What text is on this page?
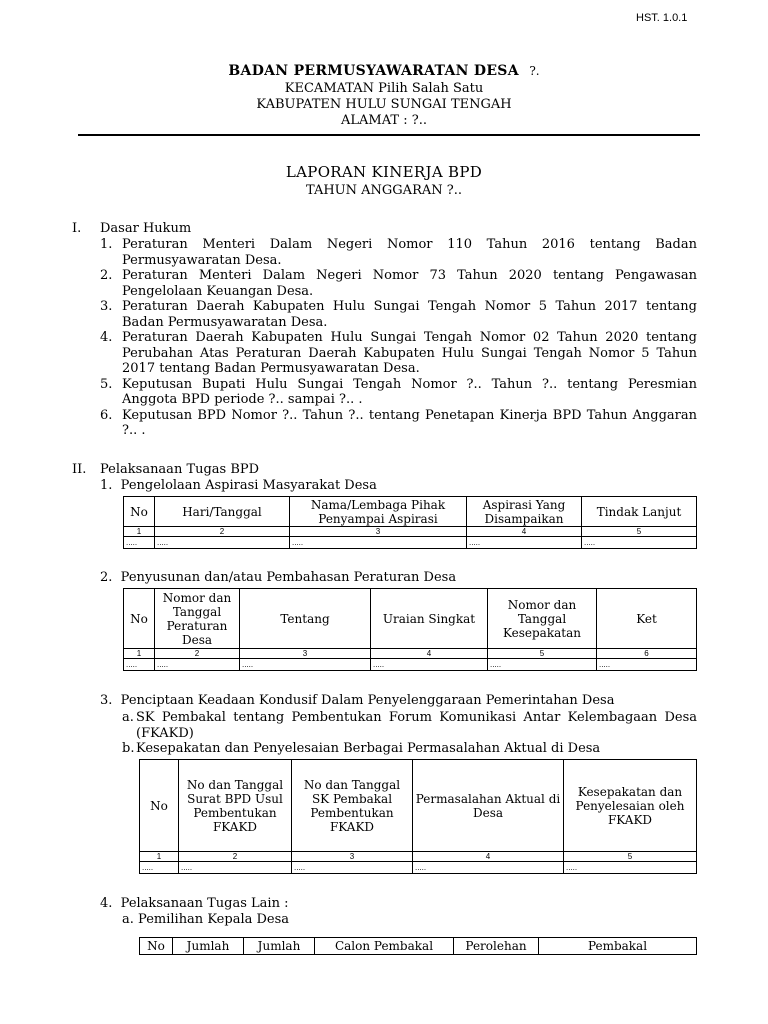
HST. 1.0.1
BADAN PERMUSYAWARATAN DESA ?.
KECAMATAN Pilih Salah Satu
KABUPATEN HULU SUNGAI TENGAH
ALAMAT : ?..
LAPORAN KINERJA BPD
TAHUN ANGGARAN ?..
I. Dasar Hukum
1. Peraturan Menteri Dalam Negeri Nomor 110 Tahun 2016 tentang Badan Permusyawaratan Desa.
2. Peraturan Menteri Dalam Negeri Nomor 73 Tahun 2020 tentang Pengawasan Pengelolaan Keuangan Desa.
3. Peraturan Daerah Kabupaten Hulu Sungai Tengah Nomor 5 Tahun 2017 tentang Badan Permusyawaratan Desa.
4. Peraturan Daerah Kabupaten Hulu Sungai Tengah Nomor 02 Tahun 2020 tentang Perubahan Atas Peraturan Daerah Kabupaten Hulu Sungai Tengah Nomor 5 Tahun 2017 tentang Badan Permusyawaratan Desa.
5. Keputusan Bupati Hulu Sungai Tengah Nomor ?.. Tahun ?.. tentang Peresmian Anggota BPD periode ?.. sampai ?.. .
6. Keputusan BPD Nomor ?.. Tahun ?.. tentang Penetapan Kinerja BPD Tahun Anggaran ?.. .
II. Pelaksanaan Tugas BPD
1. Pengelolaan Aspirasi Masyarakat Desa
No	Hari/Tanggal	Nama/Lembaga Pihak Penyampai Aspirasi	Aspirasi Yang Disampaikan	Tindak Lanjut
1	2	3	4	5
.....	.....	.....	.....	.....
2. Penyusunan dan/atau Pembahasan Peraturan Desa
No	Nomor dan Tanggal Peraturan Desa	Tentang	Uraian Singkat	Nomor dan Tanggal Kesepakatan	Ket
1	2	3	4	5	6
.....	.....	.....	.....	.....	.....
3. Penciptaan Keadaan Kondusif Dalam Penyelenggaraan Pemerintahan Desa
a. SK Pembakal tentang Pembentukan Forum Komunikasi Antar Kelembagaan Desa (FKAKD)
b. Kesepakatan dan Penyelesaian Berbagai Permasalahan Aktual di Desa
No	No dan Tanggal Surat BPD Usul Pembentukan FKAKD	No dan Tanggal SK Pembakal Pembentukan FKAKD	Permasalahan Aktual di Desa	Kesepakatan dan Penyelesaian oleh FKAKD
1	2	3	4	5
.....	.....	.....	.....	.....
4. Pelaksanaan Tugas Lain :
a. Pemilihan Kepala Desa
No	Jumlah	Jumlah	Calon Pembakal	Perolehan	Pembakal
